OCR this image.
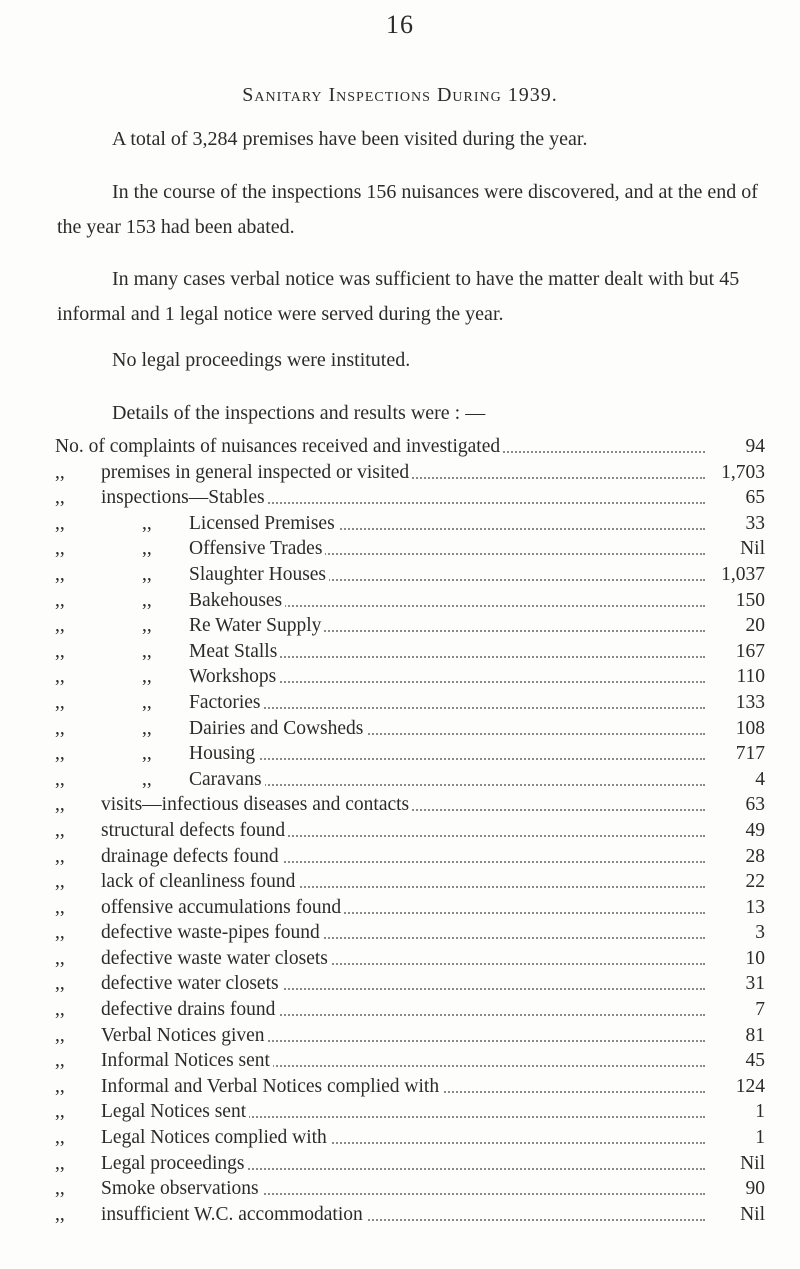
16
Sanitary Inspections During 1939.

A total of 3,284 premises have been visited during the year.

In the course of the inspections 156 nuisances were discovered, and at the end of the year 153 had been abated.

In many cases verbal notice was sufficient to have the matter dealt with but 45 informal and 1 legal notice were served during the year.

No legal proceedings were instituted.

Details of the inspections and results were : —

No. of complaints of nuisances received and investigated	94
,, premises in general inspected or visited	1,703
,, inspections—Stables	65
,,	,, Licensed Premises	33
,,	,, Offensive Trades	Nil
,,	,, Slaughter Houses	1,037
,,	,, Bakehouses	150
,,	,, Re Water Supply	20
,,	,, Meat Stalls	167
,,	,, Workshops	110
,,	,, Factories	133
,,	,, Dairies and Cowsheds	108
,,	,, Housing	717
,,	,, Caravans	4
,, visits—infectious diseases and contacts	63
,, structural defects found	49
,, drainage defects found	28
,, lack of cleanliness found	22
,, offensive accumulations found	13
,, defective waste-pipes found	3
,, defective waste water closets	10
,, defective water closets	31
,, defective drains found	7
,, Verbal Notices given	81
,, Informal Notices sent	45
,, Informal and Verbal Notices complied with	124
,, Legal Notices sent	1
,, Legal Notices complied with	1
,, Legal proceedings	Nil
,, Smoke observations	90
,, insufficient W.C. accommodation	Nil
